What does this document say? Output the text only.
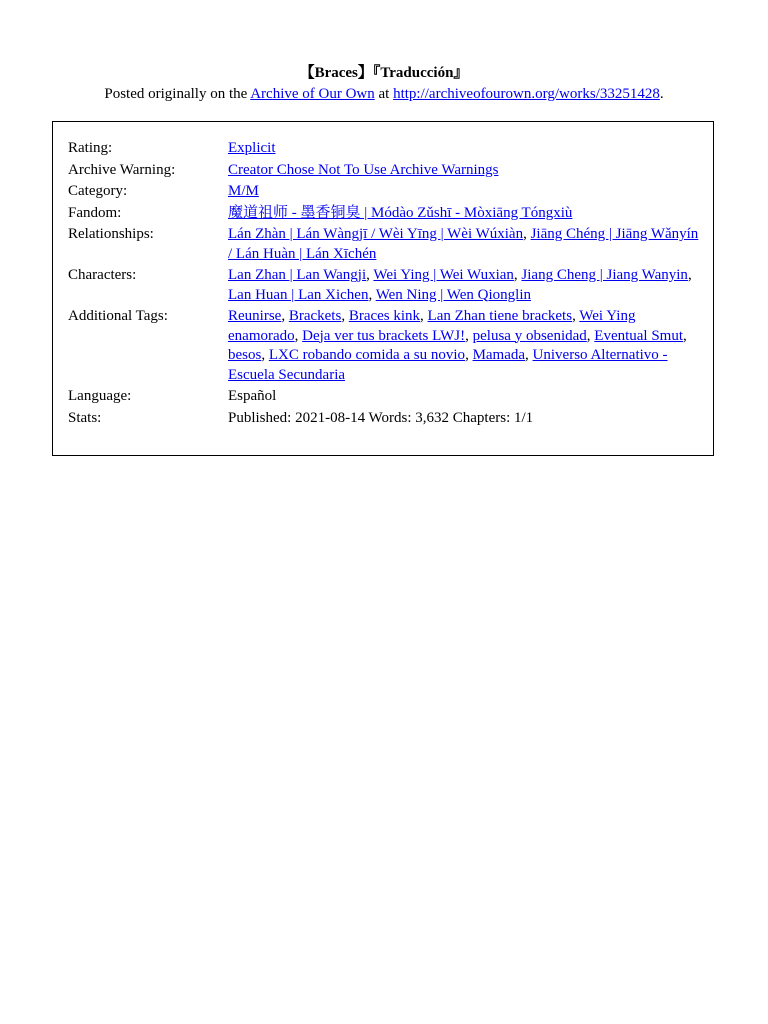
【Braces】『Traducción』
Posted originally on the Archive of Our Own at http://archiveofourown.org/works/33251428.
Rating:	Explicit
Archive Warning:	Creator Chose Not To Use Archive Warnings
Category:	M/M
Fandom:	魔道祖师 - 墨香铜臭 | Módào Zǔshī - Mòxiāng Tóngxiù
Relationships:	Lán Zhàn | Lán Wàngjī / Wèi Yīng | Wèi Wúxiàn, Jiāng Chéng | Jiāng Wǎnyín / Lán Huàn | Lán Xīchén
Characters:	Lan Zhan | Lan Wangji, Wei Ying | Wei Wuxian, Jiang Cheng | Jiang Wanyin, Lan Huan | Lan Xichen, Wen Ning | Wen Qionglin
Additional Tags:	Reunirse, Brackets, Braces kink, Lan Zhan tiene brackets, Wei Ying enamorado, Deja ver tus brackets LWJ!, pelusa y obsenidad, Eventual Smut, besos, LXC robando comida a su novio, Mamada, Universo Alternativo - Escuela Secundaria
Language:	Español
Stats:	Published: 2021-08-14 Words: 3,632 Chapters: 1/1
